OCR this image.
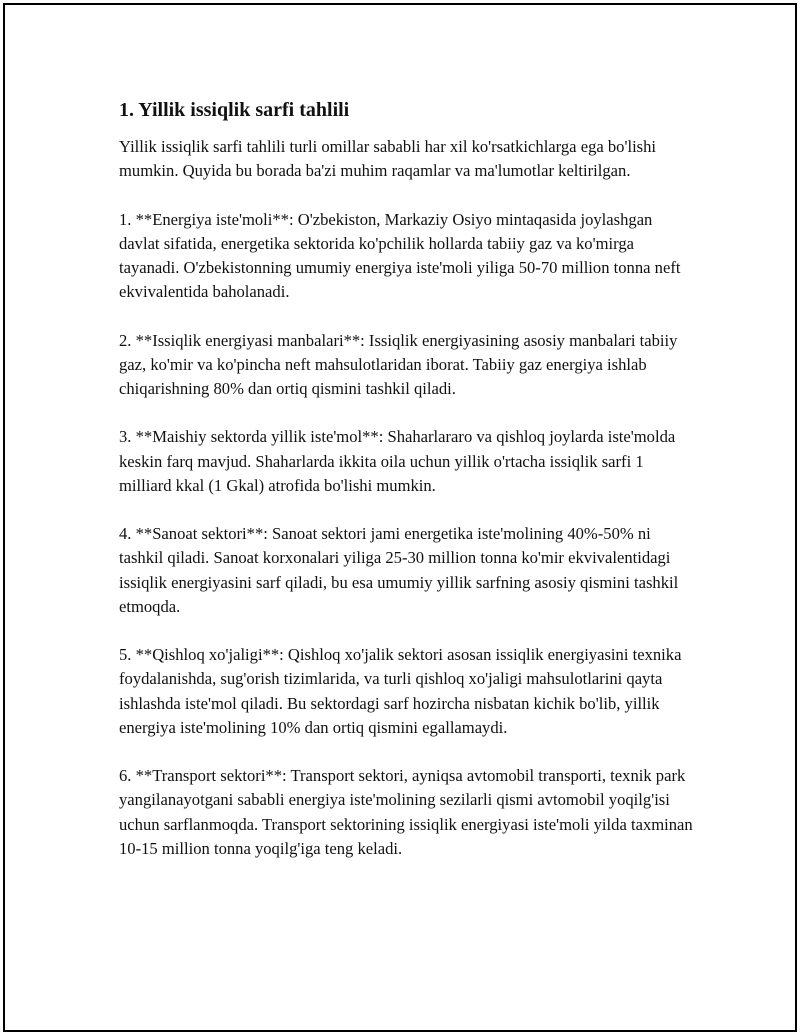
1. Yillik issiqlik sarfi tahlili

Yillik issiqlik sarfi tahlili turli omillar sababli har xil ko'rsatkichlarga ega bo'lishi mumkin. Quyida bu borada ba'zi muhim raqamlar va ma'lumotlar keltirilgan.

1. **Energiya iste'moli**: O'zbekiston, Markaziy Osiyo mintaqasida joylashgan davlat sifatida, energetika sektorida ko'pchilik hollarda tabiiy gaz va ko'mirga tayanadi. O'zbekistonning umumiy energiya iste'moli yiliga 50-70 million tonna neft ekvivalentida baholanadi.

2. **Issiqlik energiyasi manbalari**: Issiqlik energiyasining asosiy manbalari tabiiy gaz, ko'mir va ko'pincha neft mahsulotlaridan iborat. Tabiiy gaz energiya ishlab chiqarishning 80% dan ortiq qismini tashkil qiladi.

3. **Maishiy sektorda yillik iste'mol**: Shaharlararo va qishloq joylarda iste'molda keskin farq mavjud. Shaharlarda ikkita oila uchun yillik o'rtacha issiqlik sarfi 1 milliard kkal (1 Gkal) atrofida bo'lishi mumkin.

4. **Sanoat sektori**: Sanoat sektori jami energetika iste'molining 40%-50% ni tashkil qiladi. Sanoat korxonalari yiliga 25-30 million tonna ko'mir ekvivalentidagi issiqlik energiyasini sarf qiladi, bu esa umumiy yillik sarfning asosiy qismini tashkil etmoqda.

5. **Qishloq xo'jaligi**: Qishloq xo'jalik sektori asosan issiqlik energiyasini texnika foydalanishda, sug'orish tizimlarida, va turli qishloq xo'jaligi mahsulotlarini qayta ishlashda iste'mol qiladi. Bu sektordagi sarf hozircha nisbatan kichik bo'lib, yillik energiya iste'molining 10% dan ortiq qismini egallamaydi.

6. **Transport sektori**: Transport sektori, ayniqsa avtomobil transporti, texnik park yangilanayotgani sababli energiya iste'molining sezilarli qismi avtomobil yoqilg'isi uchun sarflanmoqda. Transport sektorining issiqlik energiyasi iste'moli yilda taxminan 10-15 million tonna yoqilg'iga teng keladi.
